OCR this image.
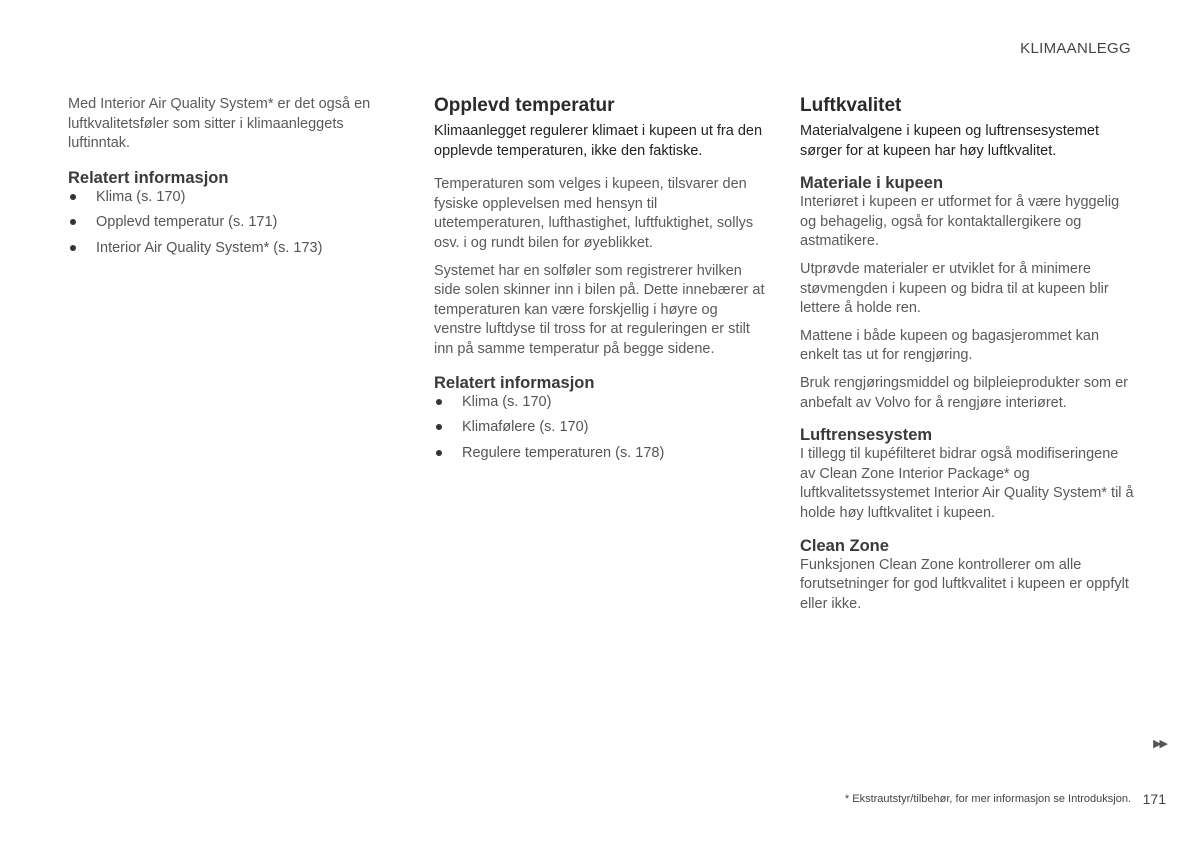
KLIMAANLEGG

Med Interior Air Quality System* er det også en luftkvalitetsføler som sitter i klimaanleggets luftinntak.

Relatert informasjon
Klima (s. 170)
Opplevd temperatur (s. 171)
Interior Air Quality System* (s. 173)
Opplevd temperatur

Klimaanlegget regulerer klimaet i kupeen ut fra den opplevde temperaturen, ikke den faktiske.

Temperaturen som velges i kupeen, tilsvarer den fysiske opplevelsen med hensyn til utetemperaturen, lufthastighet, luftfuktighet, sollys osv. i og rundt bilen for øyeblikket.

Systemet har en solføler som registrerer hvilken side solen skinner inn i bilen på. Dette innebærer at temperaturen kan være forskjellig i høyre og venstre luftdyse til tross for at reguleringen er stilt inn på samme temperatur på begge sidene.

Relatert informasjon
Klima (s. 170)
Klimafølere (s. 170)
Regulere temperaturen (s. 178)
Luftkvalitet

Materialvalgene i kupeen og luftrensesystemet sørger for at kupeen har høy luftkvalitet.

Materiale i kupeen

Interiøret i kupeen er utformet for å være hyggelig og behagelig, også for kontaktallergikere og astmatikere.

Utprøvde materialer er utviklet for å minimere støvmengden i kupeen og bidra til at kupeen blir lettere å holde ren.

Mattene i både kupeen og bagasjerommet kan enkelt tas ut for rengjøring.

Bruk rengjøringsmiddel og bilpleieprodukter som er anbefalt av Volvo for å rengjøre interiøret.

Luftrensesystem

I tillegg til kupéfilteret bidrar også modifiseringene av Clean Zone Interior Package* og luftkvalitetssystemet Interior Air Quality System* til å holde høy luftkvalitet i kupeen.

Clean Zone

Funksjonen Clean Zone kontrollerer om alle forutsetninger for god luftkvalitet i kupeen er oppfylt eller ikke.

▶▶
* Ekstrautstyr/tilbehør, for mer informasjon se Introduksjon. 171
